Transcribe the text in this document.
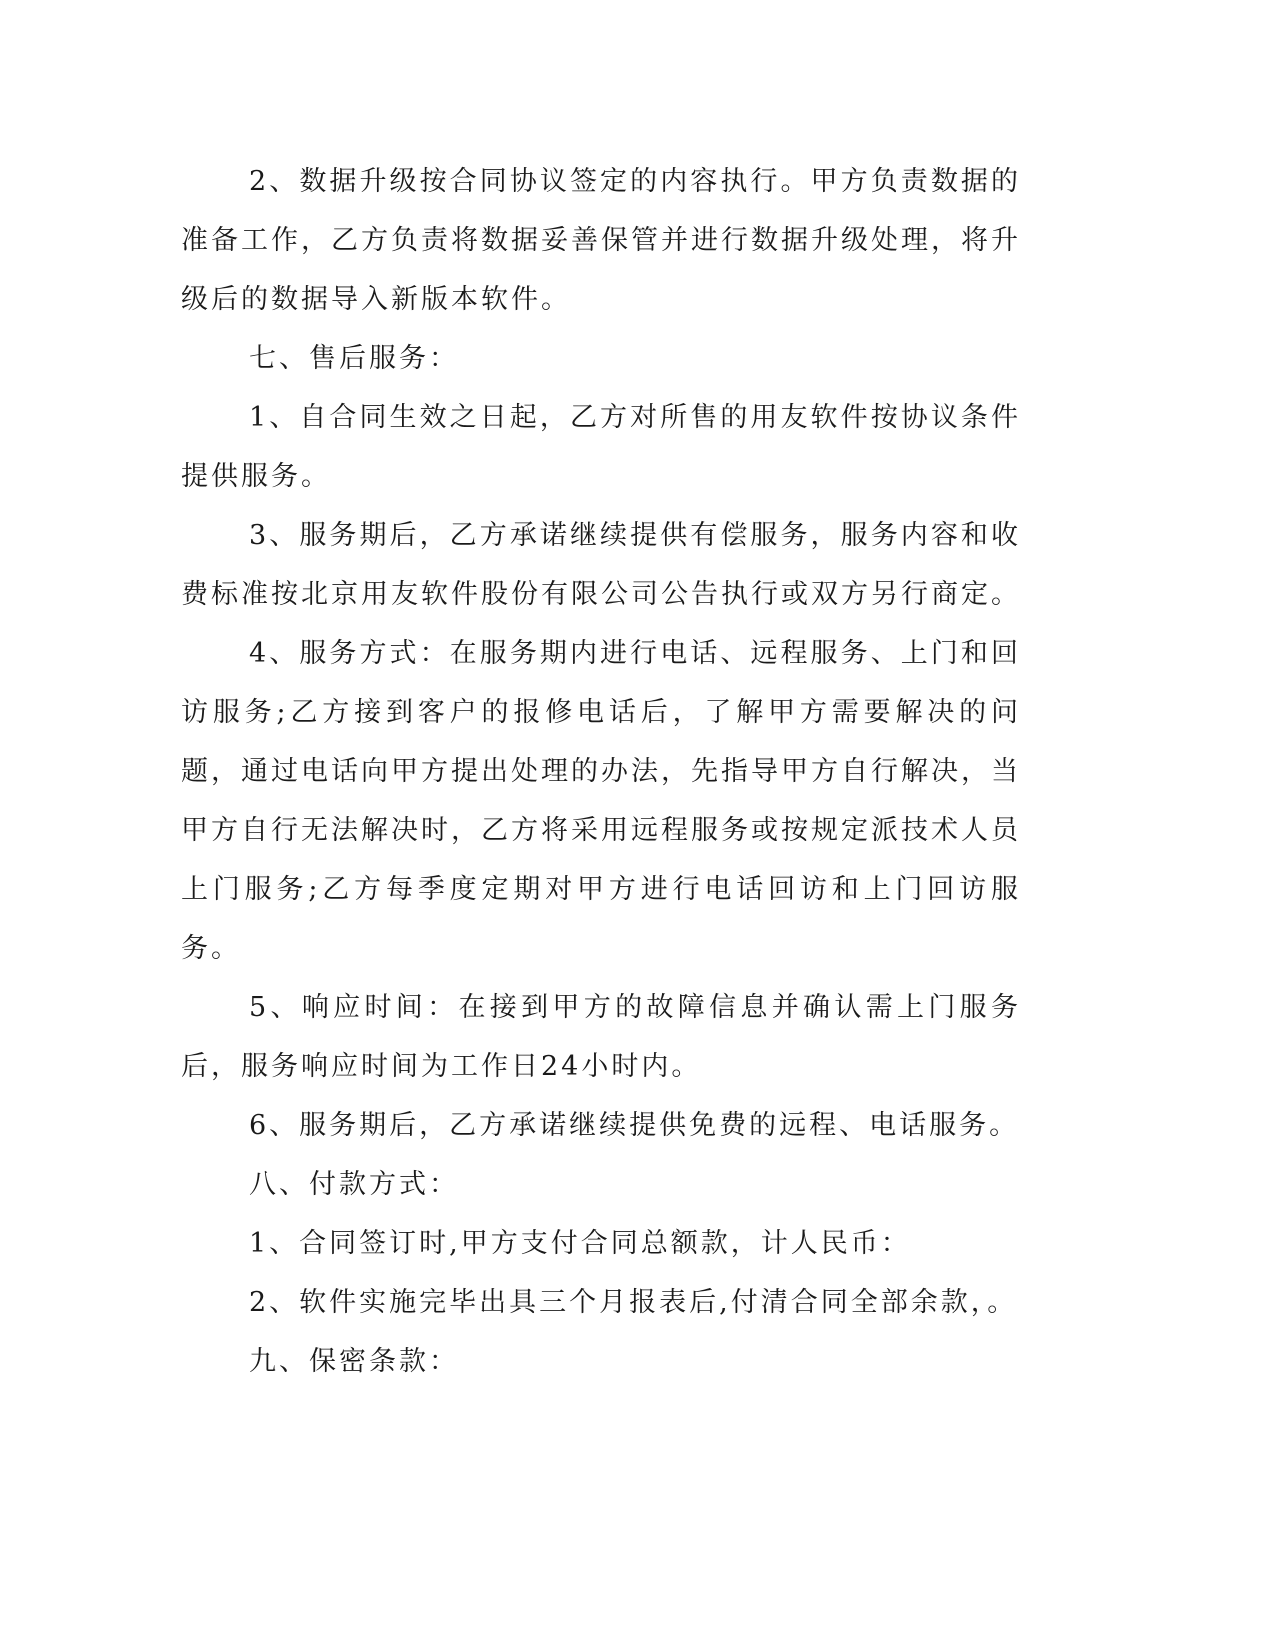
2、数据升级按合同协议签定的内容执行。甲方负责数据的准备工作，乙方负责将数据妥善保管并进行数据升级处理，将升级后的数据导入新版本软件。

七、售后服务：

1、自合同生效之日起，乙方对所售的用友软件按协议条件提供服务。

3、服务期后，乙方承诺继续提供有偿服务，服务内容和收费标准按北京用友软件股份有限公司公告执行或双方另行商定。

4、服务方式：在服务期内进行电话、远程服务、上门和回访服务;乙方接到客户的报修电话后，了解甲方需要解决的问题，通过电话向甲方提出处理的办法，先指导甲方自行解决，当甲方自行无法解决时，乙方将采用远程服务或按规定派技术人员上门服务;乙方每季度定期对甲方进行电话回访和上门回访服务。

5、响应时间：在接到甲方的故障信息并确认需上门服务后，服务响应时间为工作日24小时内。

6、服务期后，乙方承诺继续提供免费的远程、电话服务。

八、付款方式：

1、合同签订时,甲方支付合同总额款，计人民币：

2、软件实施完毕出具三个月报表后,付清合同全部余款，。

九、保密条款：
